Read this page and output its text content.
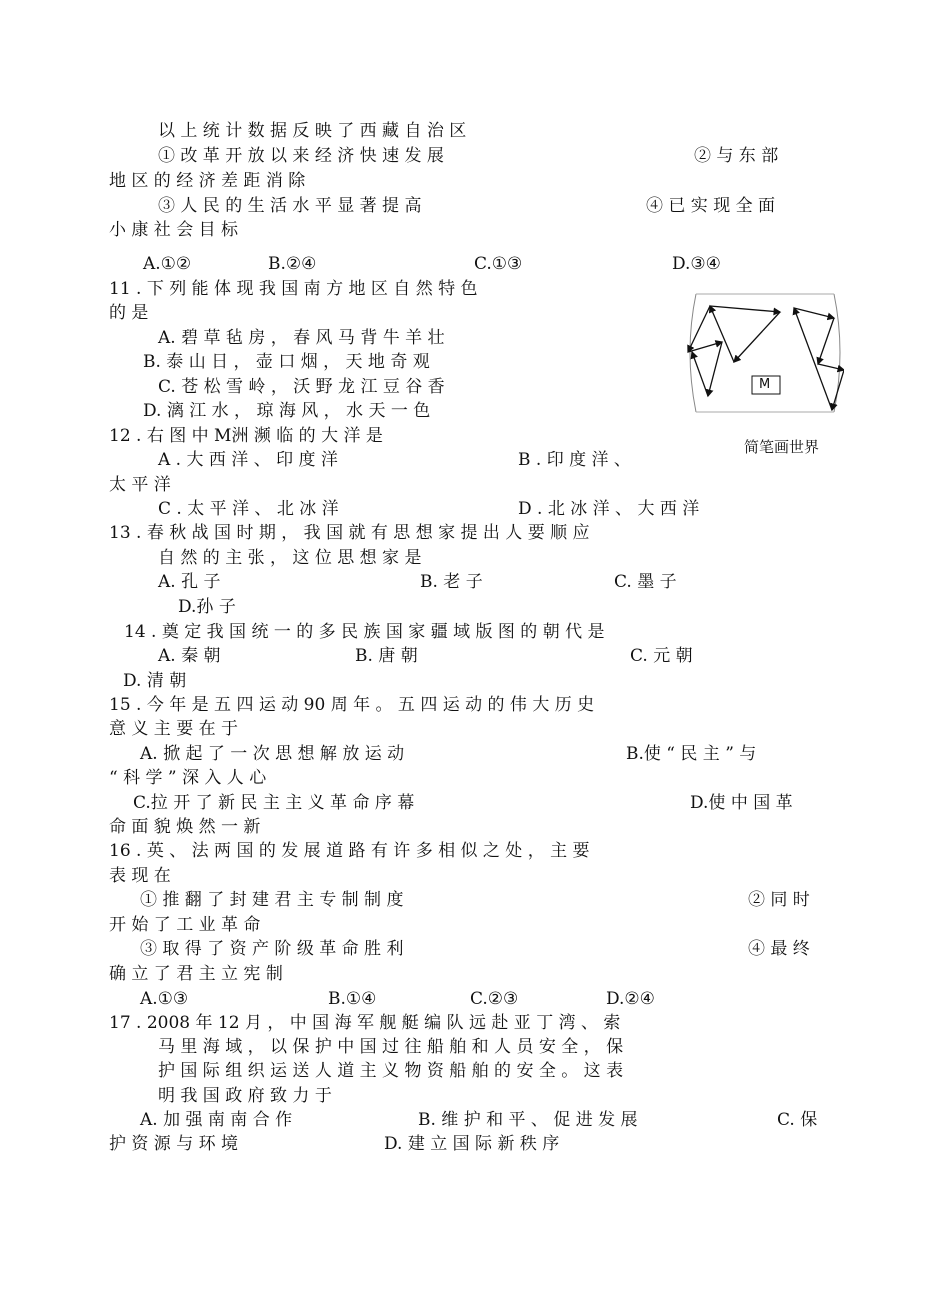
以 上 统 计 数 据 反 映 了 西 藏 自 治 区
① 改 革 开 放 以 来 经 济 快 速 发 展	② 与 东 部
地 区 的 经 济 差 距 消 除
③ 人 民 的 生 活 水 平 显 著 提 高	④ 已 实 现 全 面
小 康 社 会 目 标
A.①②	B.②④	C.①③	D.③④
11 . 下 列 能 体 现 我 国 南 方 地 区 自 然 特 色
的 是
A. 碧 草 毡 房 ， 春 风 马 背 牛 羊 壮
B. 泰 山 日 ， 壶 口 烟 ， 天 地 奇 观
C. 苍 松 雪 岭 ， 沃 野 龙 江 豆 谷 香
D. 漓 江 水 ， 琼 海 风 ， 水 天 一 色
M
简笔画世界
12 . 右 图 中 M洲 濒 临 的 大 洋 是
A . 大 西 洋 、 印 度 洋	B . 印 度 洋 、
太 平 洋
C . 太 平 洋 、 北 冰 洋	D . 北 冰 洋 、 大 西 洋
13 . 春 秋 战 国 时 期 ， 我 国 就 有 思 想 家 提 出 人 要 顺 应
自 然 的 主 张 ， 这 位 思 想 家 是
A. 孔 子	B. 老 子	C. 墨 子
D.孙 子
14 . 奠 定 我 国 统 一 的 多 民 族 国 家 疆 域 版 图 的 朝 代 是
A. 秦 朝	B. 唐 朝	C. 元 朝
D. 清 朝
15 . 今 年 是 五 四 运 动 90 周 年 。 五 四 运 动 的 伟 大 历 史
意 义 主 要 在 于
A. 掀 起 了 一 次 思 想 解 放 运 动	B.使 “ 民 主 ” 与
“ 科 学 ” 深 入 人 心
C.拉 开 了 新 民 主 主 义 革 命 序 幕	D.使 中 国 革
命 面 貌 焕 然 一 新
16 . 英 、 法 两 国 的 发 展 道 路 有 许 多 相 似 之 处 ， 主 要
表 现 在
① 推 翻 了 封 建 君 主 专 制 制 度	② 同 时
开 始 了 工 业 革 命
③ 取 得 了 资 产 阶 级 革 命 胜 利	④ 最 终
确 立 了 君 主 立 宪 制
A.①③	B.①④	C.②③	D.②④
17 . 2008 年 12 月 ， 中 国 海 军 舰 艇 编 队 远 赴 亚 丁 湾 、 索
马 里 海 域 ， 以 保 护 中 国 过 往 船 舶 和 人 员 安 全 ， 保
护 国 际 组 织 运 送 人 道 主 义 物 资 船 舶 的 安 全 。 这 表
明 我 国 政 府 致 力 于
A. 加 强 南 南 合 作	B. 维 护 和 平 、 促 进 发 展	C. 保
护 资 源 与 环 境	D. 建 立 国 际 新 秩 序
